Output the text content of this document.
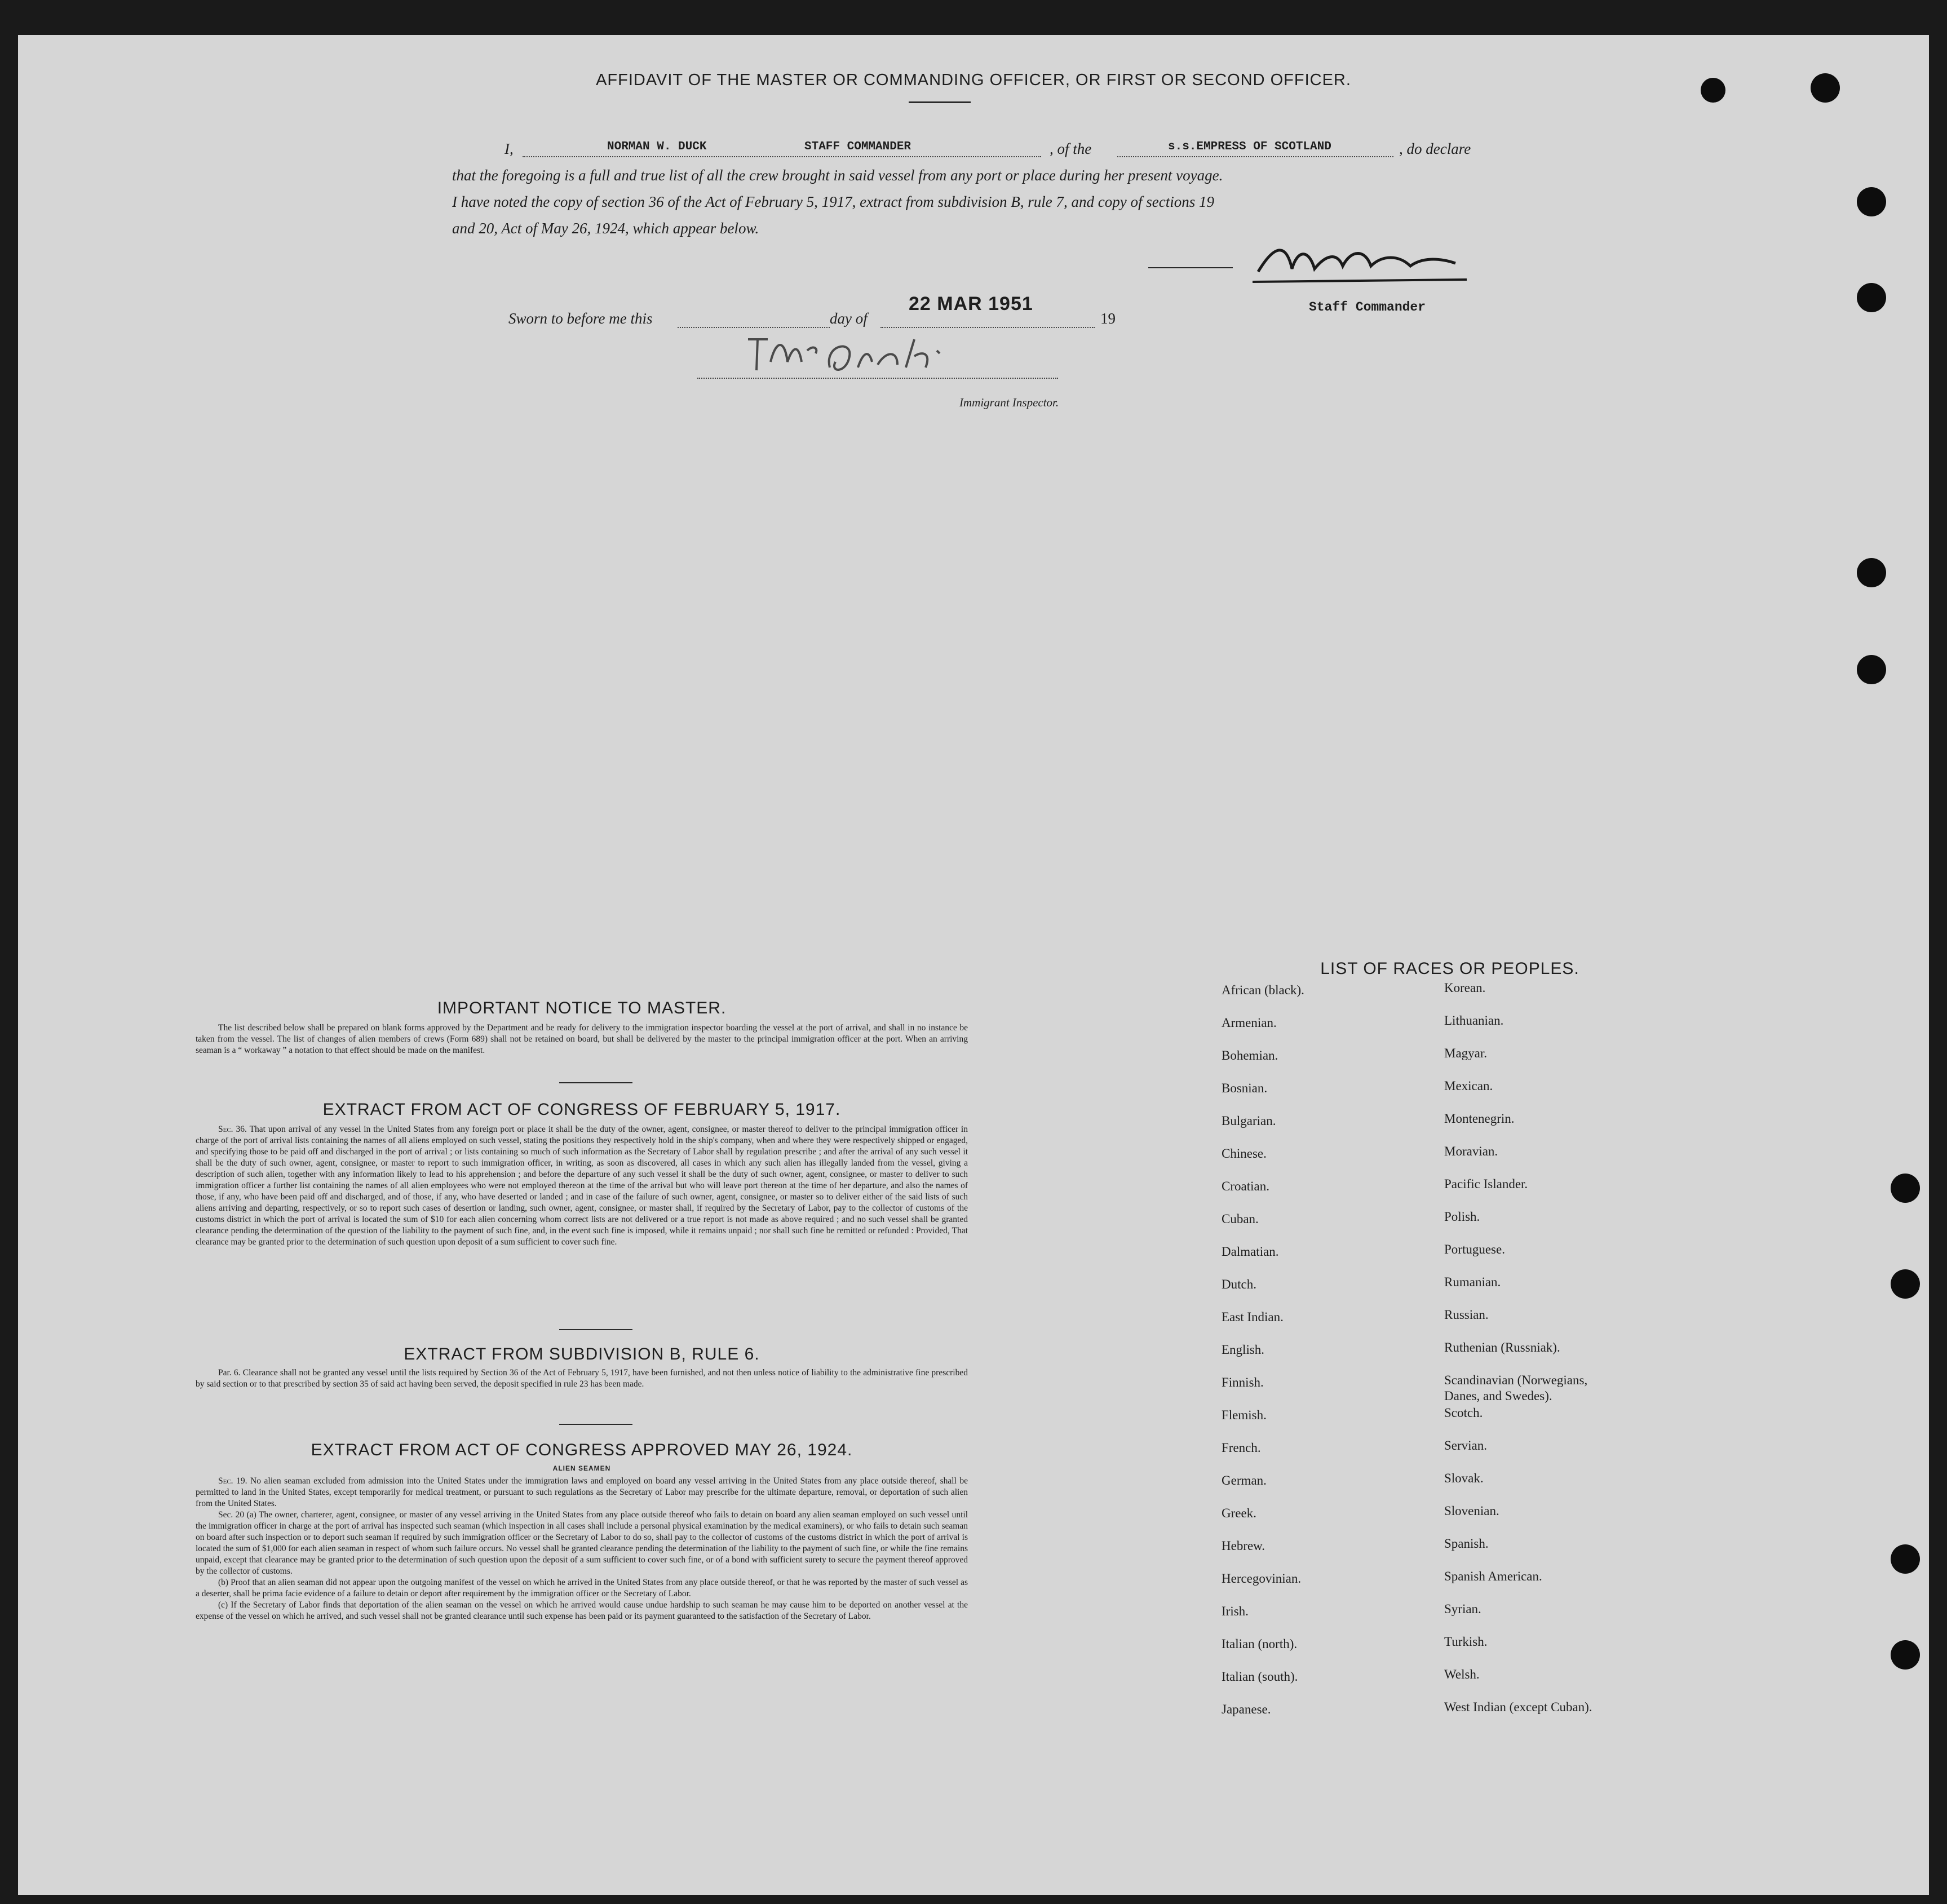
AFFIDAVIT OF THE MASTER OR COMMANDING OFFICER, OR FIRST OR SECOND OFFICER.
I,	NORMAN W. DUCK	STAFF COMMANDER	, of the	s.s.EMPRESS OF SCOTLAND	, do declare
that the foregoing is a full and true list of all the crew brought in said vessel from any port or place during her present voyage.
I have noted the copy of section 36 of the Act of February 5, 1917, extract from subdivision B, rule 7, and copy of sections 19
and 20, Act of May 26, 1924, which appear below.
Staff Commander
Sworn to before me this	day of
22 MAR 1951
19
Immigrant Inspector.
IMPORTANT NOTICE TO MASTER.

The list described below shall be prepared on blank forms approved by the Department and be ready for delivery to the immigration inspector boarding the vessel at the port of arrival, and shall in no instance be taken from the vessel. The list of changes of alien members of crews (Form 689) shall not be retained on board, but shall be delivered by the master to the principal immigration officer at the port. When an arriving seaman is a “ workaway ” a notation to that effect should be made on the manifest.

EXTRACT FROM ACT OF CONGRESS OF FEBRUARY 5, 1917.

Sec. 36. That upon arrival of any vessel in the United States from any foreign port or place it shall be the duty of the owner, agent, consignee, or master thereof to deliver to the principal immigration officer in charge of the port of arrival lists containing the names of all aliens employed on such vessel, stating the positions they respectively hold in the ship's company, when and where they were respectively shipped or engaged, and specifying those to be paid off and discharged in the port of arrival ; or lists containing so much of such information as the Secretary of Labor shall by regulation prescribe ; and after the arrival of any such vessel it shall be the duty of such owner, agent, consignee, or master to report to such immigration officer, in writing, as soon as discovered, all cases in which any such alien has illegally landed from the vessel, giving a description of such alien, together with any information likely to lead to his apprehension ; and before the departure of any such vessel it shall be the duty of such owner, agent, consignee, or master to deliver to such immigration officer a further list containing the names of all alien employees who were not employed thereon at the time of the arrival but who will leave port thereon at the time of her departure, and also the names of those, if any, who have been paid off and discharged, and of those, if any, who have deserted or landed ; and in case of the failure of such owner, agent, consignee, or master so to deliver either of the said lists of such aliens arriving and departing, respectively, or so to report such cases of desertion or landing, such owner, agent, consignee, or master shall, if required by the Secretary of Labor, pay to the collector of customs of the customs district in which the port of arrival is located the sum of $10 for each alien concerning whom correct lists are not delivered or a true report is not made as above required ; and no such vessel shall be granted clearance pending the determination of the question of the liability to the payment of such fine, and, in the event such fine is imposed, while it remains unpaid ; nor shall such fine be remitted or refunded : Provided, That clearance may be granted prior to the determination of such question upon deposit of a sum sufficient to cover such fine.

EXTRACT FROM SUBDIVISION B, RULE 6.

Par. 6. Clearance shall not be granted any vessel until the lists required by Section 36 of the Act of February 5, 1917, have been furnished, and not then unless notice of liability to the administrative fine prescribed by said section or to that prescribed by section 35 of said act having been served, the deposit specified in rule 23 has been made.

EXTRACT FROM ACT OF CONGRESS APPROVED MAY 26, 1924.
ALIEN SEAMEN

Sec. 19. No alien seaman excluded from admission into the United States under the immigration laws and employed on board any vessel arriving in the United States from any place outside thereof, shall be permitted to land in the United States, except temporarily for medical treatment, or pursuant to such regulations as the Secretary of Labor may prescribe for the ultimate departure, removal, or deportation of such alien from the United States.

Sec. 20 (a) The owner, charterer, agent, consignee, or master of any vessel arriving in the United States from any place outside thereof who fails to detain on board any alien seaman employed on such vessel until the immigration officer in charge at the port of arrival has inspected such seaman (which inspection in all cases shall include a personal physical examination by the medical examiners), or who fails to detain such seaman on board after such inspection or to deport such seaman if required by such immigration officer or the Secretary of Labor to do so, shall pay to the collector of customs of the customs district in which the port of arrival is located the sum of $1,000 for each alien seaman in respect of whom such failure occurs. No vessel shall be granted clearance pending the determination of the liability to the payment of such fine, or while the fine remains unpaid, except that clearance may be granted prior to the determination of such question upon the deposit of a sum sufficient to cover such fine, or of a bond with sufficient surety to secure the payment thereof approved by the collector of customs.

(b) Proof that an alien seaman did not appear upon the outgoing manifest of the vessel on which he arrived in the United States from any place outside thereof, or that he was reported by the master of such vessel as a deserter, shall be prima facie evidence of a failure to detain or deport after requirement by the immigration officer or the Secretary of Labor.

(c) If the Secretary of Labor finds that deportation of the alien seaman on the vessel on which he arrived would cause undue hardship to such seaman he may cause him to be deported on another vessel at the expense of the vessel on which he arrived, and such vessel shall not be granted clearance until such expense has been paid or its payment guaranteed to the satisfaction of the Secretary of Labor.

LIST OF RACES OR PEOPLES.
African (black).
Armenian.
Bohemian.
Bosnian.
Bulgarian.
Chinese.
Croatian.
Cuban.
Dalmatian.
Dutch.
East Indian.
English.
Finnish.
Flemish.
French.
German.
Greek.
Hebrew.
Hercegovinian.
Irish.
Italian (north).
Italian (south).
Japanese.
Korean.
Lithuanian.
Magyar.
Mexican.
Montenegrin.
Moravian.
Pacific Islander.
Polish.
Portuguese.
Rumanian.
Russian.
Ruthenian (Russniak).
Scandinavian (Norwegians,
Danes, and Swedes).
Scotch.
Servian.
Slovak.
Slovenian.
Spanish.
Spanish American.
Syrian.
Turkish.
Welsh.
West Indian (except Cuban).
